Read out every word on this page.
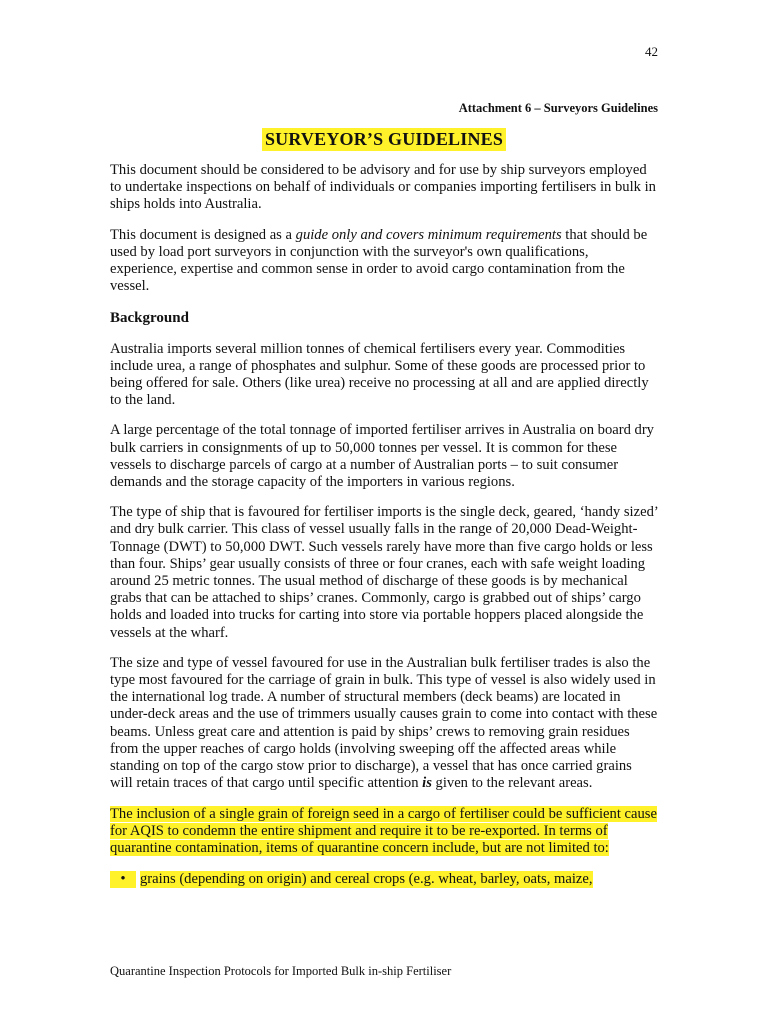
42
Attachment 6 – Surveyors Guidelines
SURVEYOR’S GUIDELINES

This document should be considered to be advisory and for use by ship surveyors employed to undertake inspections on behalf of individuals or companies importing fertilisers in bulk in ships holds into Australia.

This document is designed as a guide only and covers minimum requirements that should be used by load port surveyors in conjunction with the surveyor's own qualifications, experience, expertise and common sense in order to avoid cargo contamination from the vessel.

Background

Australia imports several million tonnes of chemical fertilisers every year. Commodities include urea, a range of phosphates and sulphur. Some of these goods are processed prior to being offered for sale. Others (like urea) receive no processing at all and are applied directly to the land.

A large percentage of the total tonnage of imported fertiliser arrives in Australia on board dry bulk carriers in consignments of up to 50,000 tonnes per vessel. It is common for these vessels to discharge parcels of cargo at a number of Australian ports – to suit consumer demands and the storage capacity of the importers in various regions.

The type of ship that is favoured for fertiliser imports is the single deck, geared, ‘handy sized’ and dry bulk carrier. This class of vessel usually falls in the range of 20,000 Dead-Weight-Tonnage (DWT) to 50,000 DWT. Such vessels rarely have more than five cargo holds or less than four. Ships’ gear usually consists of three or four cranes, each with safe weight loading around 25 metric tonnes. The usual method of discharge of these goods is by mechanical grabs that can be attached to ships’ cranes. Commonly, cargo is grabbed out of ships’ cargo holds and loaded into trucks for carting into store via portable hoppers placed alongside the vessels at the wharf.

The size and type of vessel favoured for use in the Australian bulk fertiliser trades is also the type most favoured for the carriage of grain in bulk. This type of vessel is also widely used in the international log trade. A number of structural members (deck beams) are located in under-deck areas and the use of trimmers usually causes grain to come into contact with these beams. Unless great care and attention is paid by ships’ crews to removing grain residues from the upper reaches of cargo holds (involving sweeping off the affected areas while standing on top of the cargo stow prior to discharge), a vessel that has once carried grains will retain traces of that cargo until specific attention is given to the relevant areas.

The inclusion of a single grain of foreign seed in a cargo of fertiliser could be sufficient cause for AQIS to condemn the entire shipment and require it to be re-exported. In terms of quarantine contamination, items of quarantine concern include, but are not limited to:

• grains (depending on origin) and cereal crops (e.g. wheat, barley, oats, maize,
Quarantine Inspection Protocols for Imported Bulk in-ship Fertiliser
